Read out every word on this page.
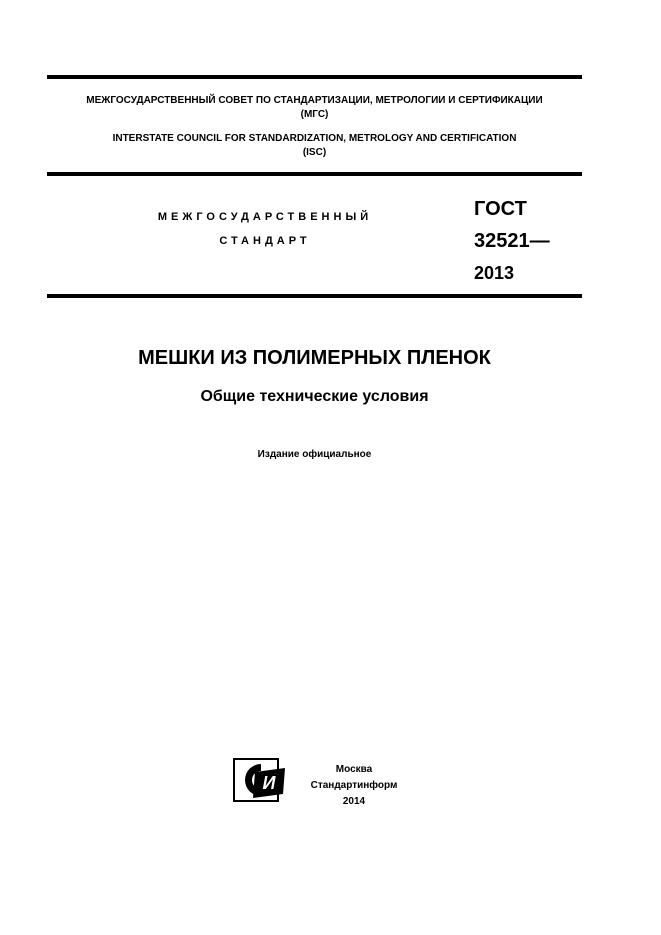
МЕЖГОСУДАРСТВЕННЫЙ СОВЕТ ПО СТАНДАРТИЗАЦИИ, МЕТРОЛОГИИ И СЕРТИФИКАЦИИ
(МГС)
INTERSTATE COUNCIL FOR STANDARDIZATION, METROLOGY AND CERTIFICATION
(ISC)
МЕЖГОСУДАРСТВЕННЫЙ
СТАНДАРТ
ГОСТ
32521—
2013
МЕШКИ ИЗ ПОЛИМЕРНЫХ ПЛЕНОК
Общие технические условия
Издание официальное
И
Москва
Стандартинформ
2014
